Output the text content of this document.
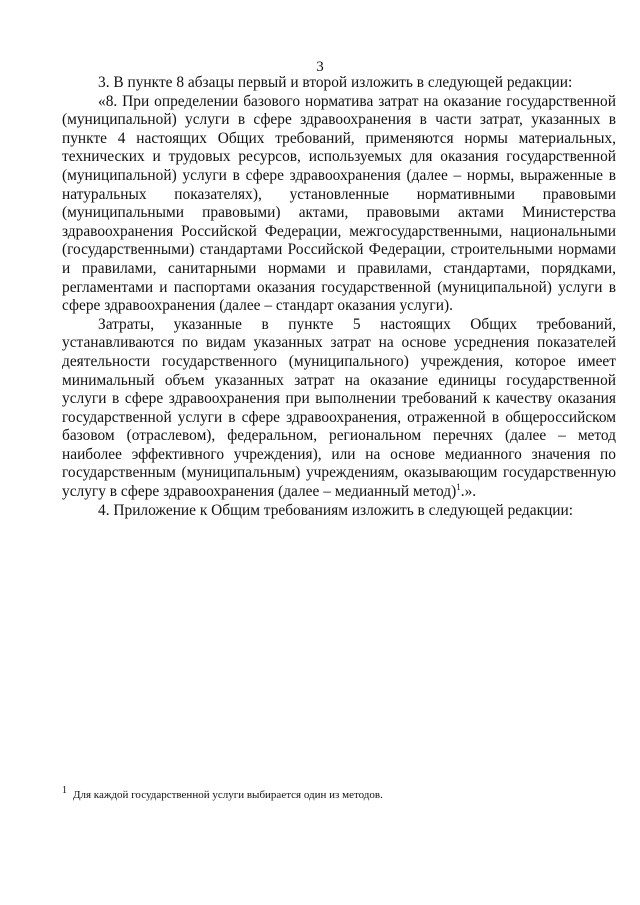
3

3. В пункте 8 абзацы первый и второй изложить в следующей редакции:

«8. При определении базового норматива затрат на оказание государственной (муниципальной) услуги в сфере здравоохранения в части затрат, указанных в пункте 4 настоящих Общих требований, применяются нормы материальных, технических и трудовых ресурсов, используемых для оказания государственной (муниципальной) услуги в сфере здравоохранения (далее – нормы, выраженные в натуральных показателях), установленные нормативными правовыми (муниципальными правовыми) актами, правовыми актами Министерства здравоохранения Российской Федерации, межгосударственными, национальными (государственными) стандартами Российской Федерации, строительными нормами и правилами, санитарными нормами и правилами, стандартами, порядками, регламентами и паспортами оказания государственной (муниципальной) услуги в сфере здравоохранения (далее – стандарт оказания услуги).

Затраты, указанные в пункте 5 настоящих Общих требований, устанавливаются по видам указанных затрат на основе усреднения показателей деятельности государственного (муниципального) учреждения, которое имеет минимальный объем указанных затрат на оказание единицы государственной услуги в сфере здравоохранения при выполнении требований к качеству оказания государственной услуги в сфере здравоохранения, отраженной в общероссийском базовом (отраслевом), федеральном, региональном перечнях (далее – метод наиболее эффективного учреждения), или на основе медианного значения по государственным (муниципальным) учреждениям, оказывающим государственную услугу в сфере здравоохранения (далее – медианный метод)$^1$.».

4. Приложение к Общим требованиям изложить в следующей редакции:

1 Для каждой государственной услуги выбирается один из методов.
